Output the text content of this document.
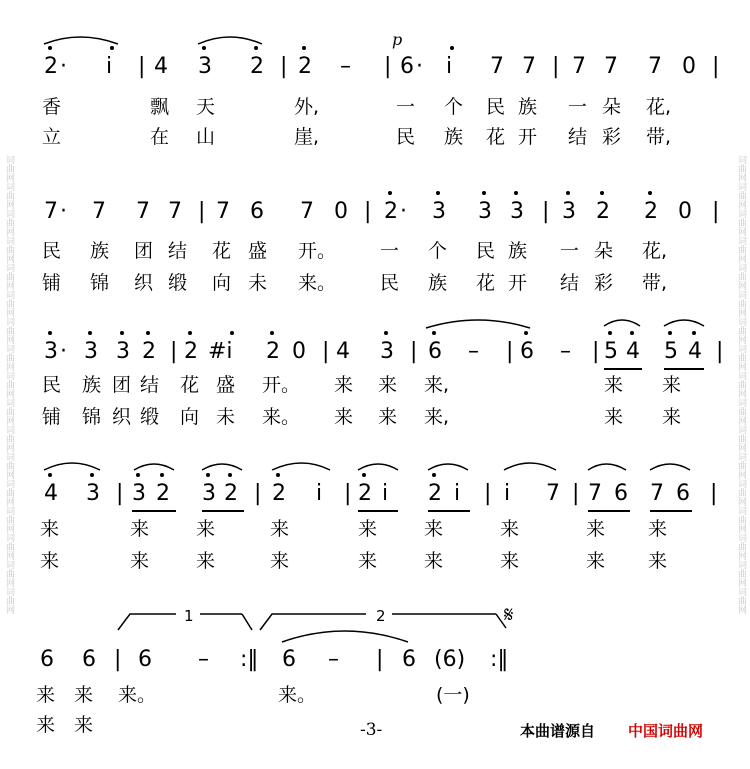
词曲网词曲网词曲网词曲网词曲网词曲网词曲网词曲网词曲网词曲网词曲网词曲网词曲网词曲网词曲网词曲网词曲网	词曲网词曲网词曲网词曲网词曲网词曲网词曲网词曲网词曲网词曲网词曲网词曲网词曲网词曲网词曲网词曲网词曲网
2 · i | 4 3 2 | 2 – | 6 · i 7 7 | 7 7 7 0 |
p
香	飘 天	外,	一 个 民 族 一 朵 花,
立	在 山	崖,	民 族 花 开 结 彩 带,
7 · 7 7 7 | 7 6 7 0 | 2 · 3 3 3 | 3 2 2 0 |
民 族 团 结 花 盛 开。 一 个 民 族 一 朵 花,
铺 锦 织 缎 向 未 来。 民 族 花 开 结 彩 带,
3 · 3 3 2 | 2 #i 2 0 | 4 3 | 6 – | 6 – | 5 4 5 4 |
民 族 团 结 花 盛 开。 来 来 来,	来 来
铺 锦 织 缎 向 未 来。 来 来 来,	来 来
4 3 | 3 2 3 2 | 2 i | 2 i 2 i | i 7 | 7 6 7 6 |
来	来 来	来	来 来	来	来 来
来	来 来	来	来 来	来	来 来
1	2	𝄋
6 6 | 6 – :‖ 6 – | 6 (6) :‖
来 来 来。	来。	(一)
来 来	-3-	本曲谱源自 中国词曲网
